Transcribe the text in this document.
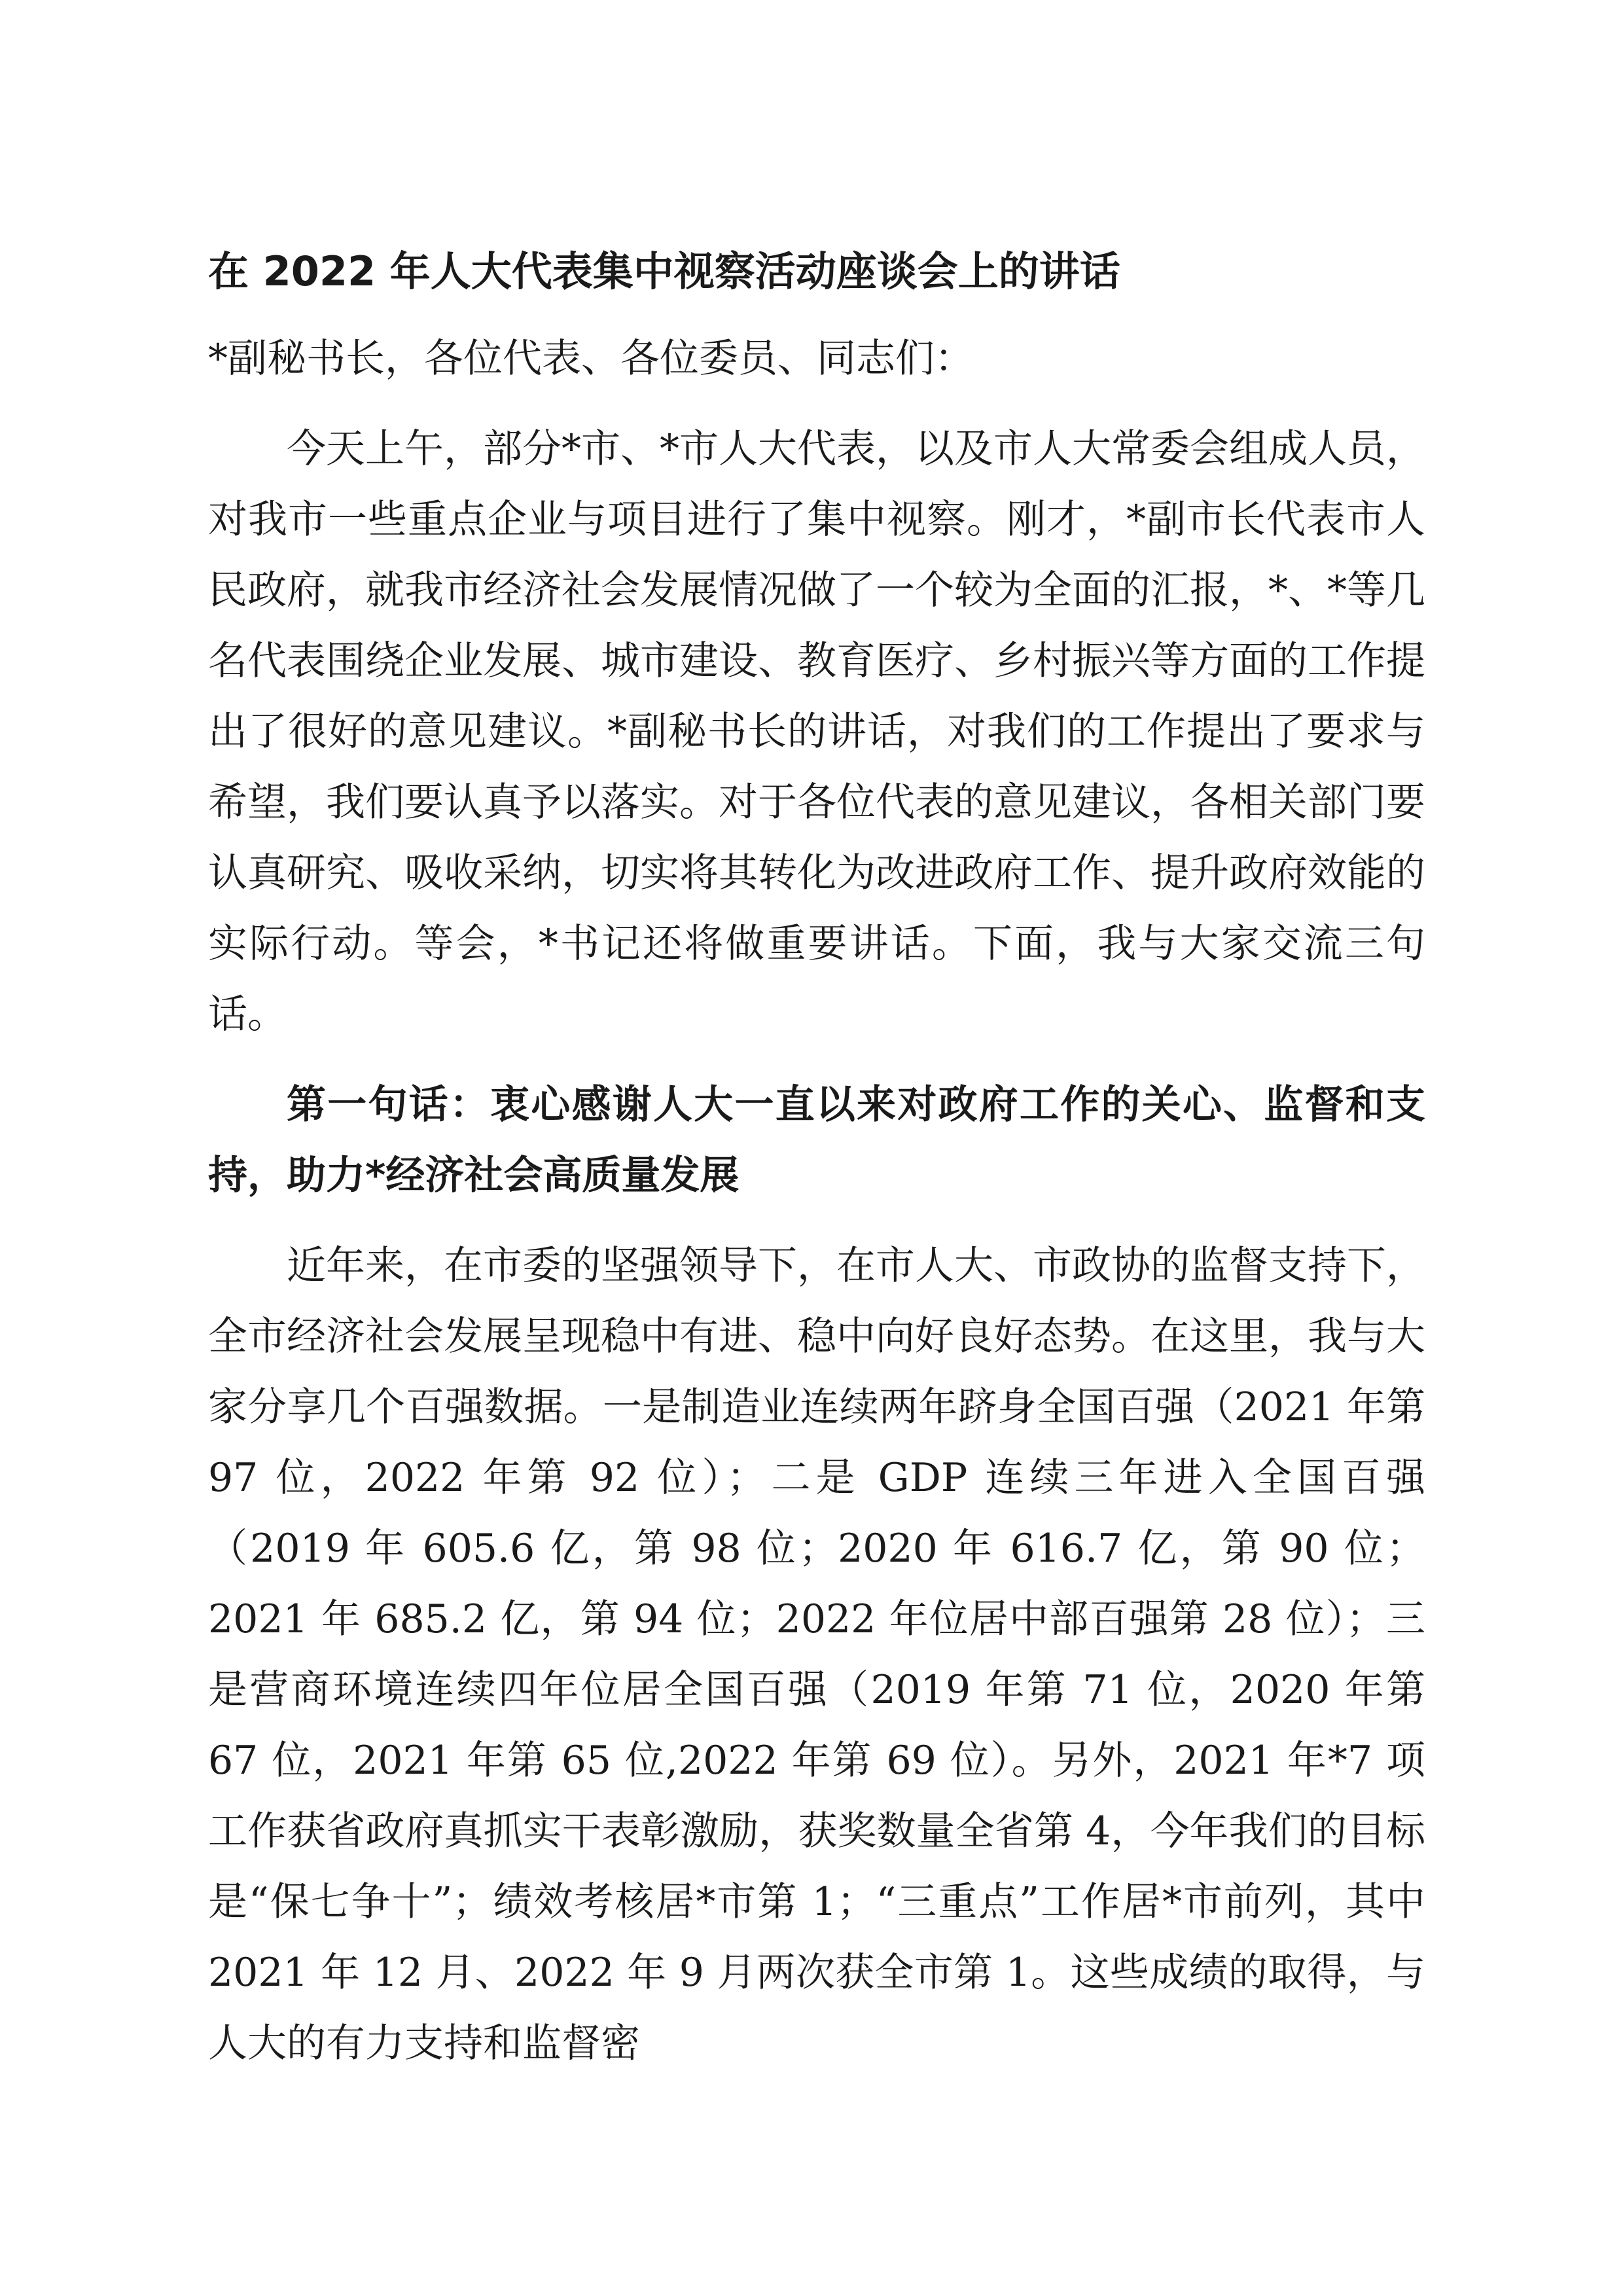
在 2022 年人大代表集中视察活动座谈会上的讲话

*副秘书长，各位代表、各位委员、同志们：

今天上午，部分*市、*市人大代表，以及市人大常委会组成人员，对我市一些重点企业与项目进行了集中视察。刚才，*副市长代表市人民政府，就我市经济社会发展情况做了一个较为全面的汇报，*、*等几名代表围绕企业发展、城市建设、教育医疗、乡村振兴等方面的工作提出了很好的意见建议。*副秘书长的讲话，对我们的工作提出了要求与希望，我们要认真予以落实。对于各位代表的意见建议，各相关部门要认真研究、吸收采纳，切实将其转化为改进政府工作、提升政府效能的实际行动。等会，*书记还将做重要讲话。下面，我与大家交流三句话。

第一句话：衷心感谢人大一直以来对政府工作的关心、监督和支持，助力*经济社会高质量发展

近年来，在市委的坚强领导下，在市人大、市政协的监督支持下，全市经济社会发展呈现稳中有进、稳中向好良好态势。在这里，我与大家分享几个百强数据。一是制造业连续两年跻身全国百强（2021 年第 97 位，2022 年第 92 位）；二是 GDP 连续三年进入全国百强（2019 年 605.6 亿，第 98 位；2020 年 616.7 亿，第 90 位；2021 年 685.2 亿，第 94 位；2022 年位居中部百强第 28 位）；三是营商环境连续四年位居全国百强（2019 年第 71 位，2020 年第 67 位，2021 年第 65 位,2022 年第 69 位）。另外，2021 年*7 项工作获省政府真抓实干表彰激励，获奖数量全省第 4，今年我们的目标是“保七争十”；绩效考核居*市第 1；“三重点”工作居*市前列，其中 2021 年 12 月、2022 年 9 月两次获全市第 1。这些成绩的取得，与人大的有力支持和监督密
